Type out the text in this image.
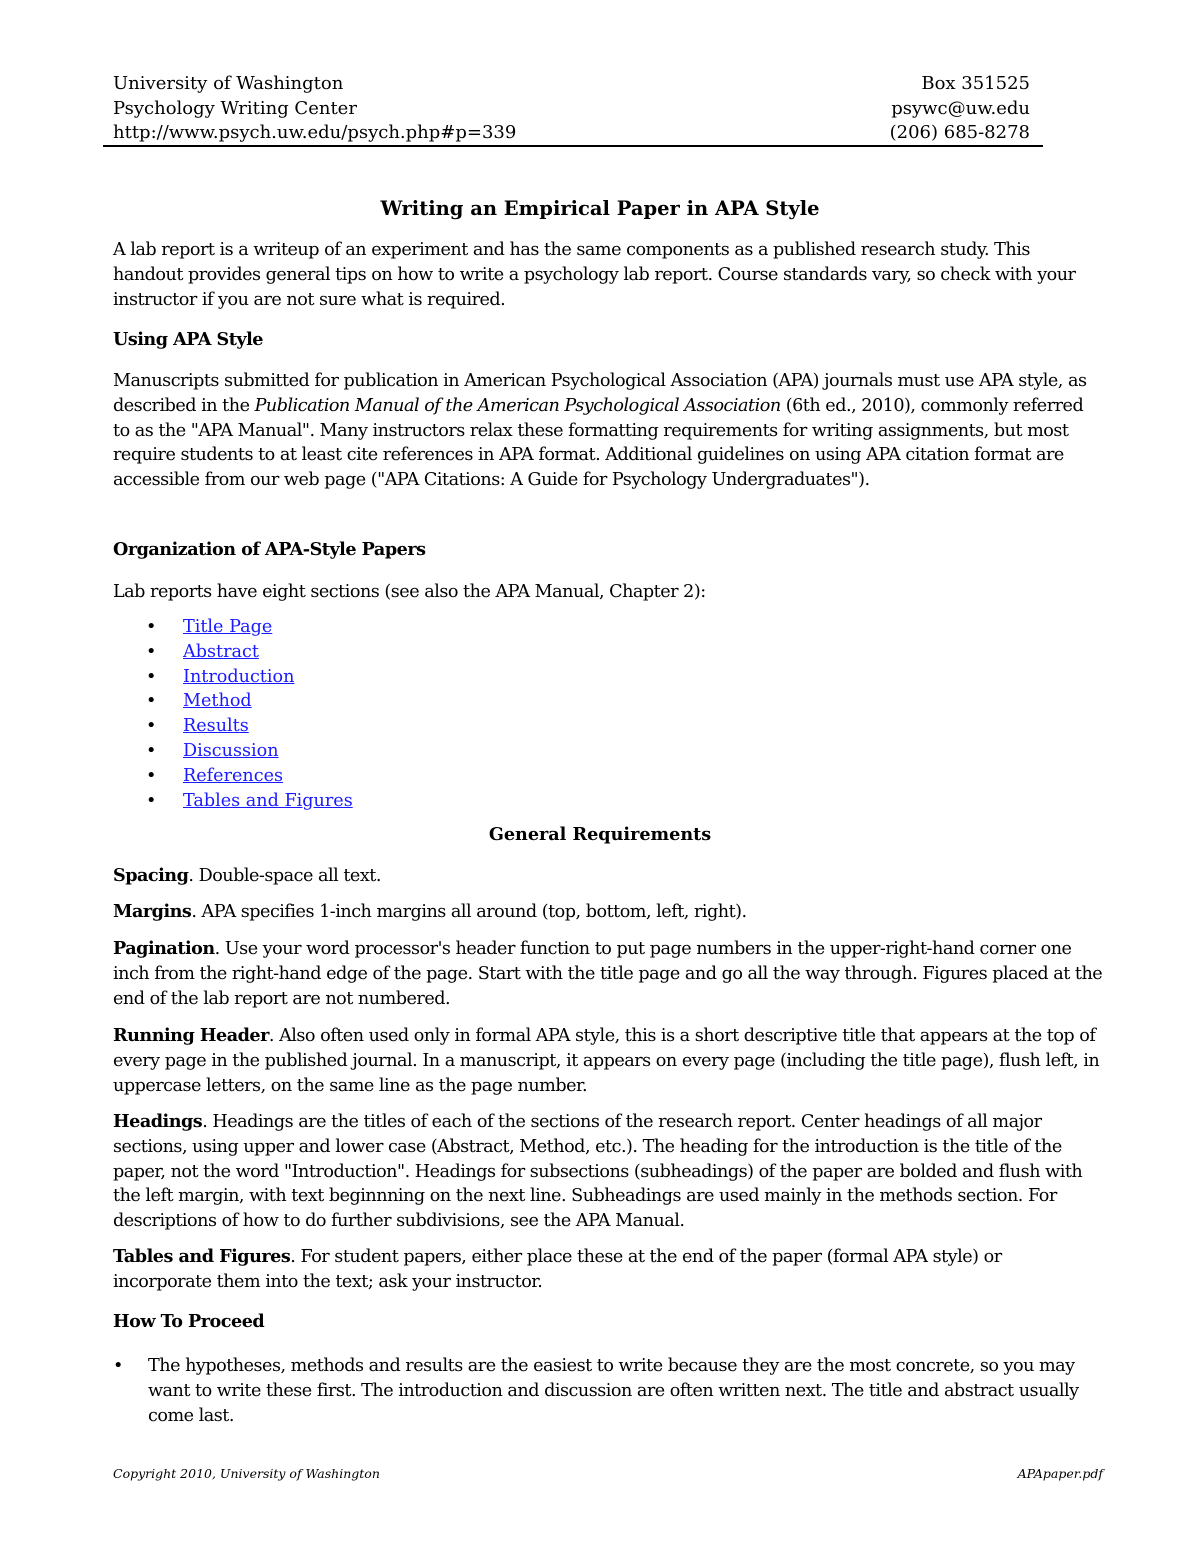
University of Washington	Box 351525
Psychology Writing Center	psywc@uw.edu
http://www.psych.uw.edu/psych.php#p=339	(206) 685-8278
Writing an Empirical Paper in APA Style
A lab report is a writeup of an experiment and has the same components as a published research study. This handout provides general tips on how to write a psychology lab report. Course standards vary, so check with your instructor if you are not sure what is required.
Using APA Style
Manuscripts submitted for publication in American Psychological Association (APA) journals must use APA style, as described in the Publication Manual of the American Psychological Association (6th ed., 2010), commonly referred to as the "APA Manual". Many instructors relax these formatting requirements for writing assignments, but most require students to at least cite references in APA format. Additional guidelines on using APA citation format are accessible from our web page ("APA Citations: A Guide for Psychology Undergraduates").
Organization of APA-Style Papers
Lab reports have eight sections (see also the APA Manual, Chapter 2):
• Title Page
• Abstract
• Introduction
• Method
• Results
• Discussion
• References
• Tables and Figures
General Requirements
Spacing. Double-space all text.
Margins. APA specifies 1-inch margins all around (top, bottom, left, right).
Pagination. Use your word processor's header function to put page numbers in the upper-right-hand corner one inch from the right-hand edge of the page. Start with the title page and go all the way through. Figures placed at the end of the lab report are not numbered.
Running Header. Also often used only in formal APA style, this is a short descriptive title that appears at the top of every page in the published journal. In a manuscript, it appears on every page (including the title page), flush left, in uppercase letters, on the same line as the page number.
Headings. Headings are the titles of each of the sections of the research report. Center headings of all major sections, using upper and lower case (Abstract, Method, etc.). The heading for the introduction is the title of the paper, not the word "Introduction". Headings for subsections (subheadings) of the paper are bolded and flush with the left margin, with text beginnning on the next line. Subheadings are used mainly in the methods section. For descriptions of how to do further subdivisions, see the APA Manual.
Tables and Figures. For student papers, either place these at the end of the paper (formal APA style) or incorporate them into the text; ask your instructor.
How To Proceed
• The hypotheses, methods and results are the easiest to write because they are the most concrete, so you may want to write these first. The introduction and discussion are often written next. The title and abstract usually come last.
Copyright 2010, University of Washington	APApaper.pdf
